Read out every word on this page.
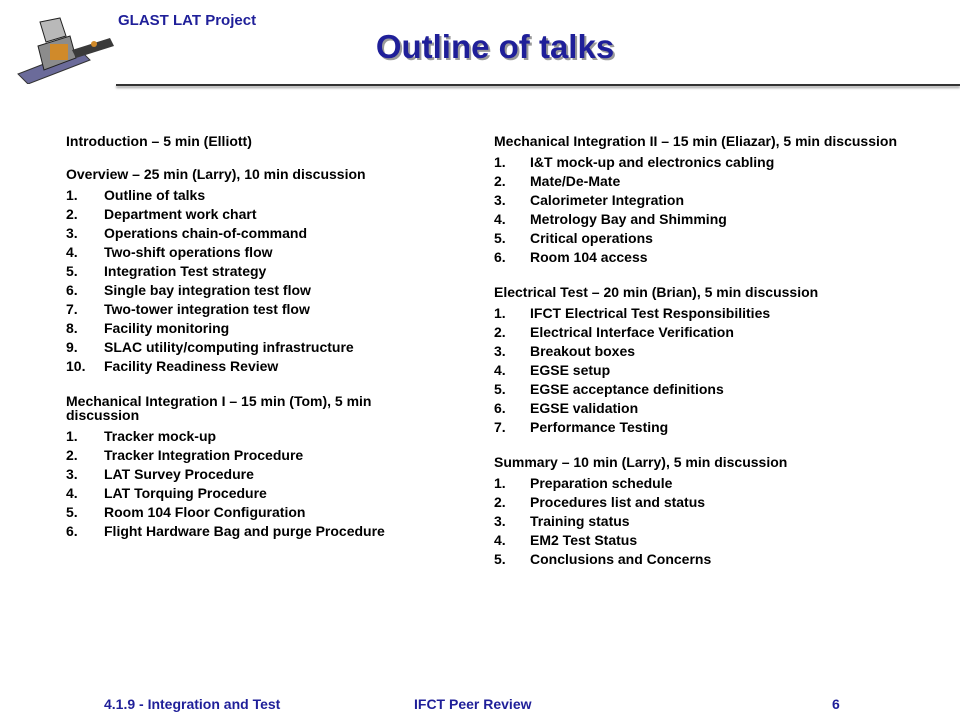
GLAST LAT Project
Outline of talks
Introduction – 5 min (Elliott)
Overview – 25 min (Larry), 10 min discussion
1.	Outline of talks
2.	Department work chart
3.	Operations chain-of-command
4.	Two-shift operations flow
5.	Integration Test strategy
6.	Single bay integration test flow
7.	Two-tower integration test flow
8.	Facility monitoring
9.	SLAC utility/computing infrastructure
10.	Facility Readiness Review
Mechanical Integration I – 15 min (Tom), 5 min discussion
1.	Tracker mock-up
2.	Tracker Integration Procedure
3.	LAT Survey Procedure
4.	LAT Torquing Procedure
5.	Room 104 Floor Configuration
6.	Flight Hardware Bag and purge Procedure
Mechanical Integration II – 15 min (Eliazar), 5 min discussion
1.	I&T mock-up and electronics cabling
2.	Mate/De-Mate
3.	Calorimeter Integration
4.	Metrology Bay and Shimming
5.	Critical operations
6.	Room 104 access
Electrical Test – 20 min (Brian), 5 min discussion
1.	IFCT Electrical Test Responsibilities
2.	Electrical Interface Verification
3.	Breakout boxes
4.	EGSE setup
5.	EGSE acceptance definitions
6.	EGSE validation
7.	Performance Testing
Summary – 10 min (Larry), 5 min discussion
1.	Preparation schedule
2.	Procedures list and status
3.	Training status
4.	EM2 Test Status
5.	Conclusions and Concerns
4.1.9 - Integration and Test	IFCT Peer Review	6
